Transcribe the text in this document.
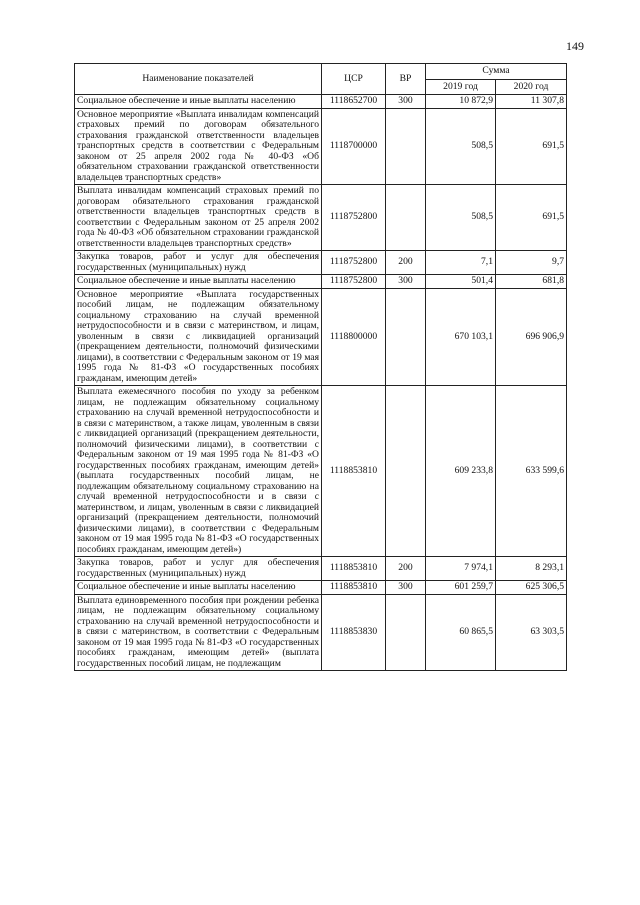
149
Наименование показателей	ЦСР	ВР	Сумма	
			2019 год	2020 год
Социальное обеспечение и иные выплаты населению	1118652700	300	10 872,9	11 307,8
Основное мероприятие «Выплата инвалидам компенсаций страховых премий по договорам обязательного страхования гражданской ответственности владельцев транспортных средств в соответствии с Федеральным законом от 25 апреля 2002 года № 40-ФЗ «Об обязательном страховании гражданской ответственности владельцев транспортных средств»	1118700000		508,5	691,5
Выплата инвалидам компенсаций страховых премий по договорам обязательного страхования гражданской ответственности владельцев транспортных средств в соответствии с Федеральным законом от 25 апреля 2002 года № 40-ФЗ «Об обязательном страховании гражданской ответственности владельцев транспортных средств»	1118752800		508,5	691,5
Закупка товаров, работ и услуг для обеспечения государственных (муниципальных) нужд	1118752800	200	7,1	9,7
Социальное обеспечение и иные выплаты населению	1118752800	300	501,4	681,8
Основное мероприятие «Выплата государственных пособий лицам, не подлежащим обязательному социальному страхованию на случай временной нетрудоспособности и в связи с материнством, и лицам, уволенным в связи с ликвидацией организаций (прекращением деятельности, полномочий физическими лицами), в соответствии с Федеральным законом от 19 мая 1995 года № 81-ФЗ «О государственных пособиях гражданам, имеющим детей»	1118800000		670 103,1	696 906,9
Выплата ежемесячного пособия по уходу за ребенком лицам, не подлежащим обязательному социальному страхованию на случай временной нетрудоспособности и в связи с материнством, а также лицам, уволенным в связи с ликвидацией организаций (прекращением деятельности, полномочий физическими лицами), в соответствии с Федеральным законом от 19 мая 1995 года № 81-ФЗ «О государственных пособиях гражданам, имеющим детей» (выплата государственных пособий лицам, не подлежащим обязательному социальному страхованию на случай временной нетрудоспособности и в связи с материнством, и лицам, уволенным в связи с ликвидацией организаций (прекращением деятельности, полномочий физическими лицами), в соответствии с Федеральным законом от 19 мая 1995 года № 81-ФЗ «О государственных пособиях гражданам, имеющим детей»)	1118853810		609 233,8	633 599,6
Закупка товаров, работ и услуг для обеспечения государственных (муниципальных) нужд	1118853810	200	7 974,1	8 293,1
Социальное обеспечение и иные выплаты населению	1118853810	300	601 259,7	625 306,5
Выплата единовременного пособия при рождении ребенка лицам, не подлежащим обязательному социальному страхованию на случай временной нетрудоспособности и в связи с материнством, в соответствии с Федеральным законом от 19 мая 1995 года № 81-ФЗ «О государственных пособиях гражданам, имеющим детей» (выплата государственных пособий лицам, не подлежащим	1118853830		60 865,5	63 303,5
